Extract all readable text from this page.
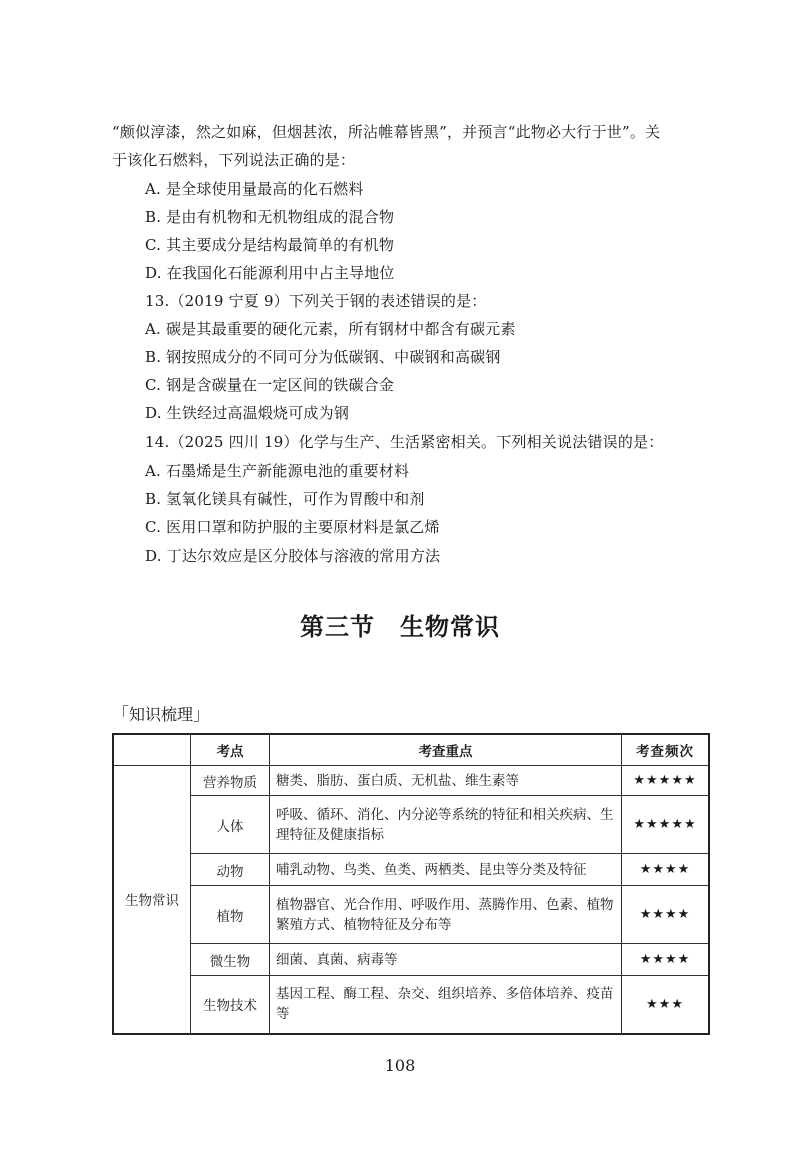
“颇似淳漆，然之如麻，但烟甚浓，所沾帷幕皆黑”，并预言“此物必大行于世”。关
于该化石燃料，下列说法正确的是：
A. 是全球使用量最高的化石燃料
B. 是由有机物和无机物组成的混合物
C. 其主要成分是结构最简单的有机物
D. 在我国化石能源利用中占主导地位
13.（2019 宁夏 9）下列关于钢的表述错误的是：
A. 碳是其最重要的硬化元素，所有钢材中都含有碳元素
B. 钢按照成分的不同可分为低碳钢、中碳钢和高碳钢
C. 钢是含碳量在一定区间的铁碳合金
D. 生铁经过高温煅烧可成为钢
14.（2025 四川 19）化学与生产、生活紧密相关。下列相关说法错误的是：
A. 石墨烯是生产新能源电池的重要材料
B. 氢氧化镁具有碱性，可作为胃酸中和剂
C. 医用口罩和防护服的主要原材料是氯乙烯
D. 丁达尔效应是区分胶体与溶液的常用方法
第三节　生物常识
「知识梳理」
	考点	考查重点	考查频次
生物常识	营养物质	糖类、脂肪、蛋白质、无机盐、维生素等	★★★★★
	人体	呼吸、循环、消化、内分泌等系统的特征和相关疾病、生理特征及健康指标	★★★★★
	动物	哺乳动物、鸟类、鱼类、两栖类、昆虫等分类及特征	★★★★
	植物	植物器官、光合作用、呼吸作用、蒸腾作用、色素、植物繁殖方式、植物特征及分布等	★★★★
	微生物	细菌、真菌、病毒等	★★★★
	生物技术	基因工程、酶工程、杂交、组织培养、多倍体培养、疫苗等	★★★
108
